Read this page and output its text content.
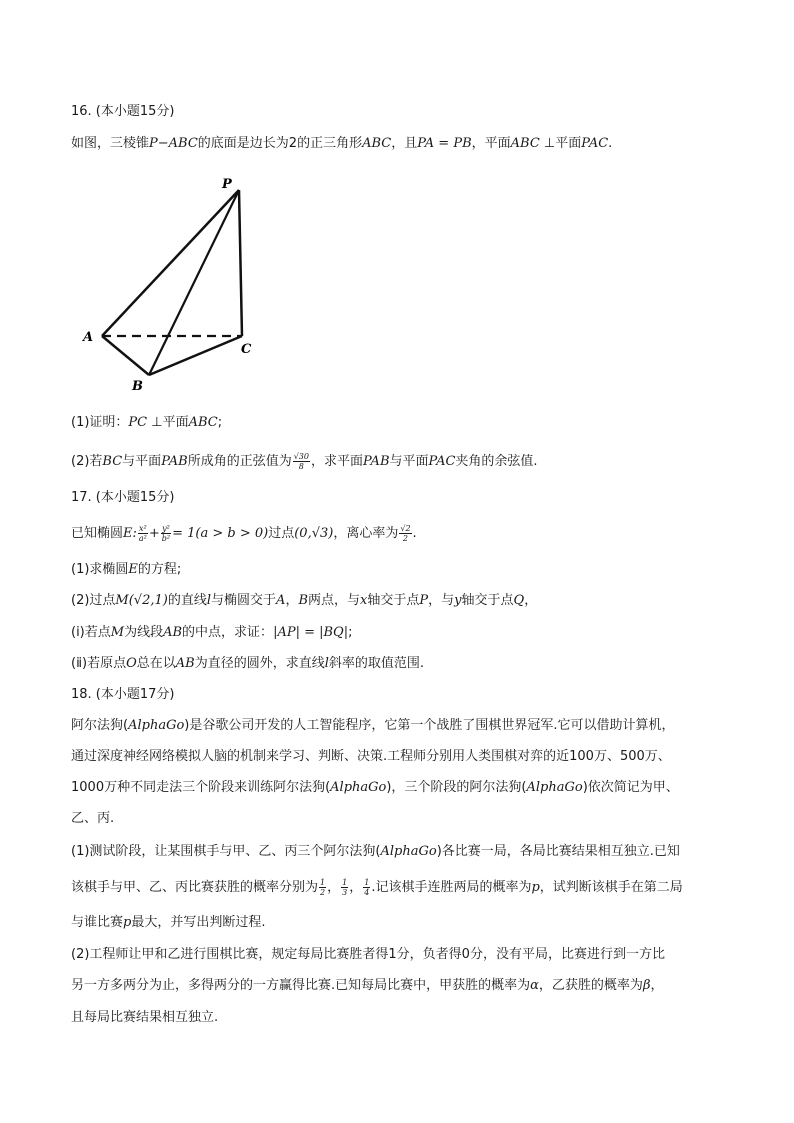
16. (本小题15分)
如图，三棱锥P−ABC的底面是边长为2的正三角形ABC，且PA = PB，平面ABC ⊥平面PAC.
P
A
B
C
(1)证明：PC ⊥平面ABC;
(2)若BC与平面PAB所成角的正弦值为 $\frac{√30}{8}$ ，求平面PAB与平面PAC夹角的余弦值.
17. (本小题15分)
已知椭圆E: $\frac{\text{x²}}{\text{a²}} + \frac{\text{y²}}{\text{b²}} = 1(a > b > 0)$过点(0,√3)，离心率为 $\frac{√2}{2}$ .
(1)求椭圆E的方程;
(2)过点M(√2,1)的直线l与椭圆交于A，B两点，与x轴交于点P，与y轴交于点Q，
(ⅰ)若点M为线段AB的中点，求证：|AP| = |BQ|;
(ⅱ)若原点O总在以AB为直径的圆外，求直线l斜率的取值范围.
18. (本小题17分)
阿尔法狗(AlphaGo)是谷歌公司开发的人工智能程序，它第一个战胜了围棋世界冠军.它可以借助计算机，
通过深度神经网络模拟人脑的机制来学习、判断、决策.工程师分别用人类围棋对弈的近100万、500万、
1000万种不同走法三个阶段来训练阿尔法狗(AlphaGo)，三个阶段的阿尔法狗(AlphaGo)依次简记为甲、
乙、丙.
(1)测试阶段，让某围棋手与甲、乙、丙三个阿尔法狗(AlphaGo)各比赛一局，各局比赛结果相互独立.已知
该棋手与甲、乙、丙比赛获胜的概率分别为 $\frac{1}{2}$ ， $\frac{1}{3}$ ， $\frac{1}{4}$ .记该棋手连胜两局的概率为p，试判断该棋手在第二局
与谁比赛p最大，并写出判断过程.
(2)工程师让甲和乙进行围棋比赛，规定每局比赛胜者得1分，负者得0分，没有平局，比赛进行到一方比
另一方多两分为止，多得两分的一方赢得比赛.已知每局比赛中，甲获胜的概率为α，乙获胜的概率为β，
且每局比赛结果相互独立.
